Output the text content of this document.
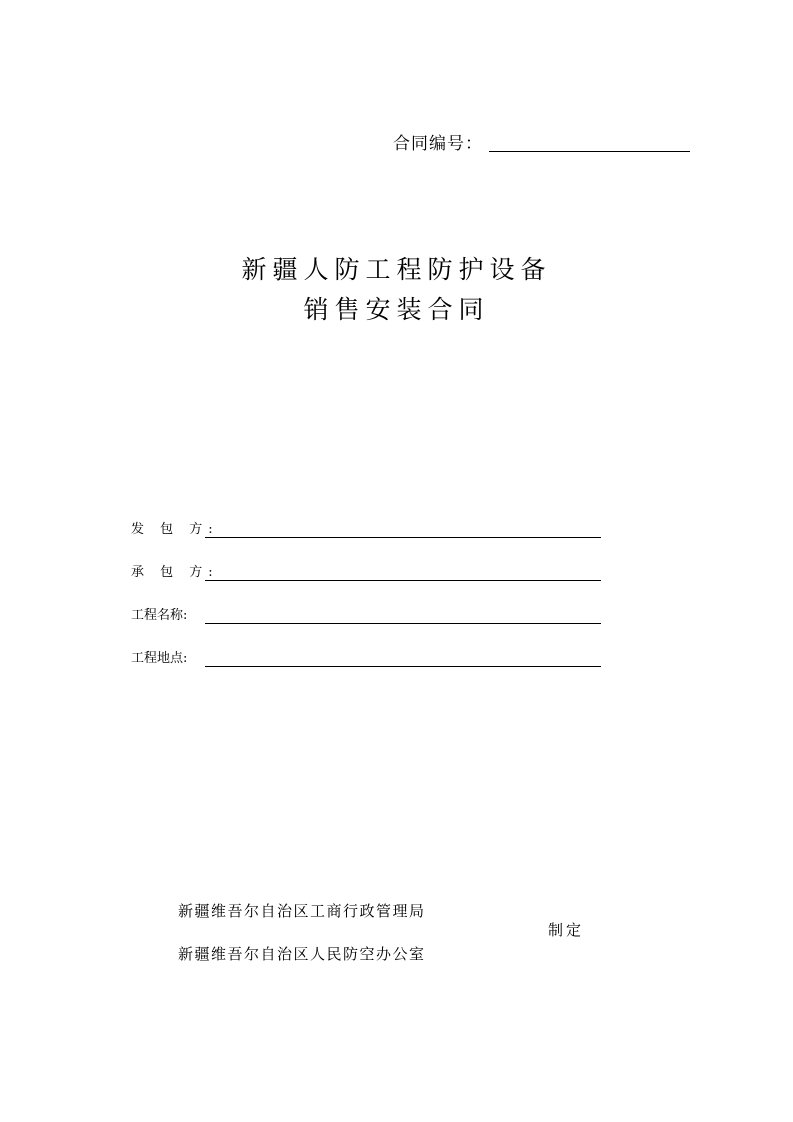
合同编号：
新疆人防工程防护设备
销售安装合同
发 包 方:
承 包 方:
工程名称:
工程地点:
新疆维吾尔自治区工商行政管理局
新疆维吾尔自治区人民防空办公室
制定
